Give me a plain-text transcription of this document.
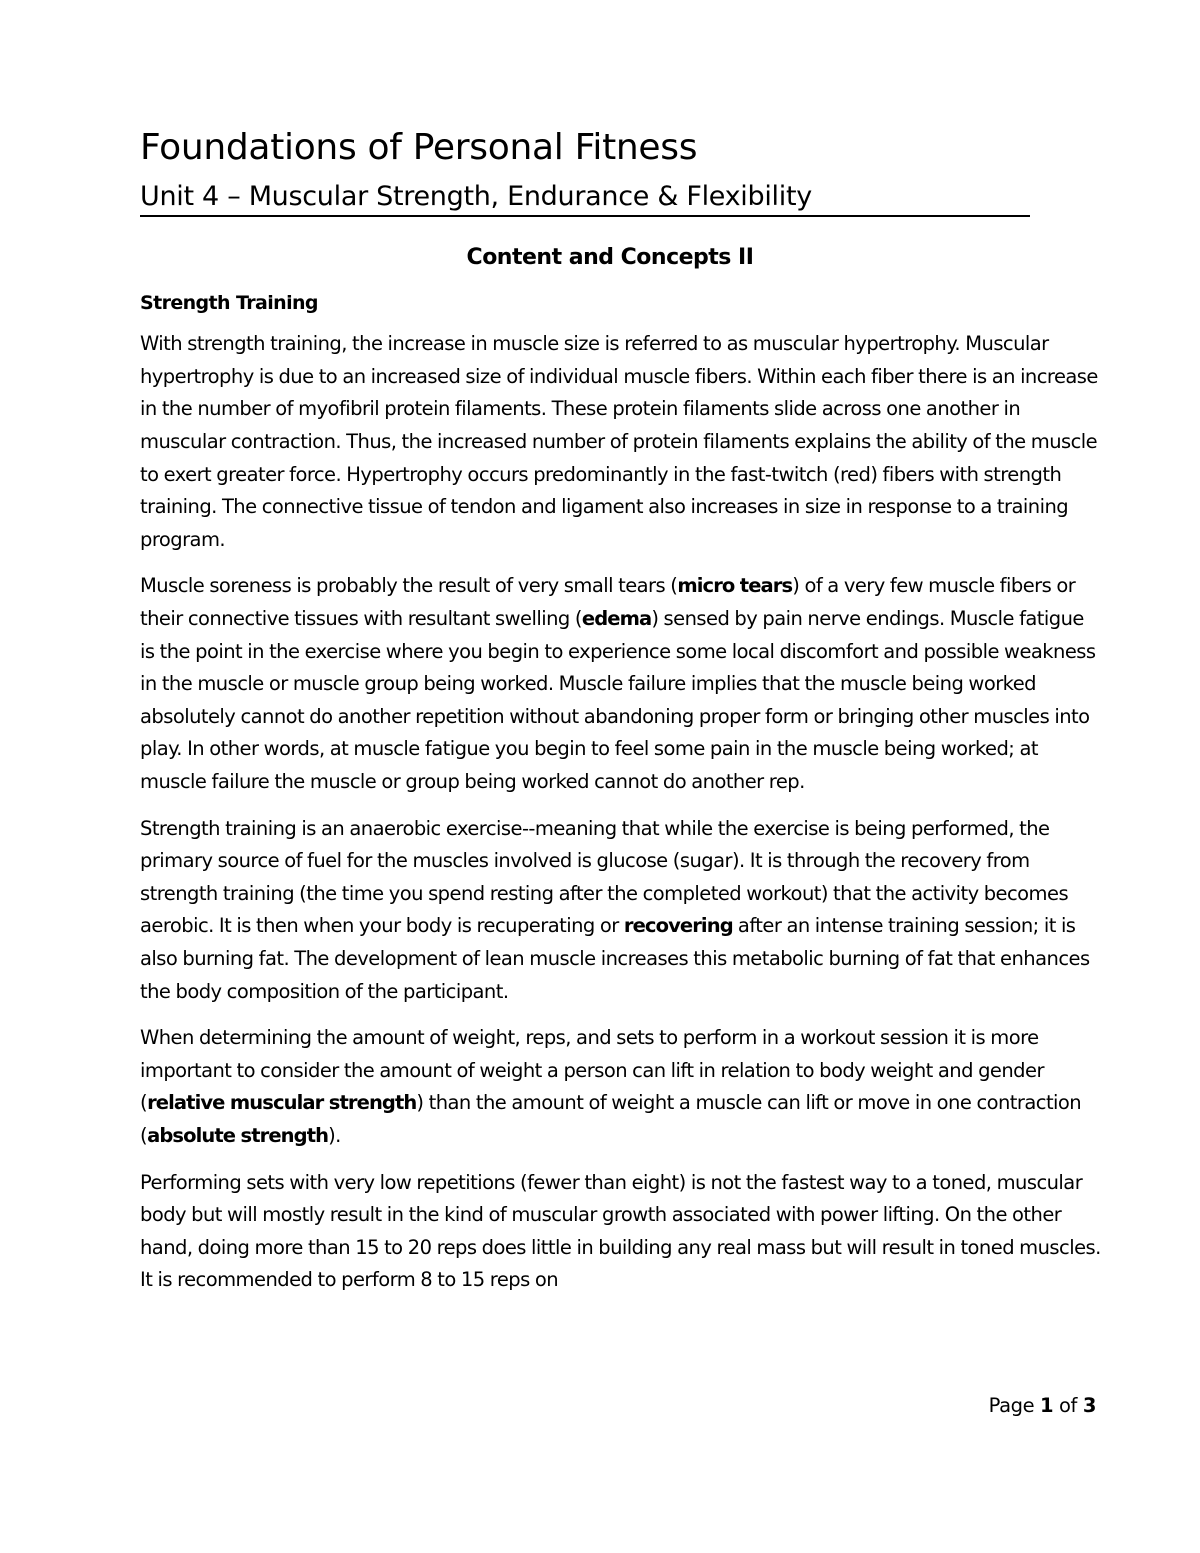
Foundations of Personal Fitness
Unit 4 – Muscular Strength, Endurance & Flexibility
Content and Concepts II
Strength Training

With strength training, the increase in muscle size is referred to as muscular hypertrophy. Muscular hypertrophy is due to an increased size of individual muscle fibers. Within each fiber there is an increase in the number of myofibril protein filaments. These protein filaments slide across one another in muscular contraction. Thus, the increased number of protein filaments explains the ability of the muscle to exert greater force. Hypertrophy occurs predominantly in the fast-twitch (red) fibers with strength training. The connective tissue of tendon and ligament also increases in size in response to a training program.

Muscle soreness is probably the result of very small tears (micro tears) of a very few muscle fibers or their connective tissues with resultant swelling (edema) sensed by pain nerve endings. Muscle fatigue is the point in the exercise where you begin to experience some local discomfort and possible weakness in the muscle or muscle group being worked. Muscle failure implies that the muscle being worked absolutely cannot do another repetition without abandoning proper form or bringing other muscles into play. In other words, at muscle fatigue you begin to feel some pain in the muscle being worked; at muscle failure the muscle or group being worked cannot do another rep.

Strength training is an anaerobic exercise--meaning that while the exercise is being performed, the primary source of fuel for the muscles involved is glucose (sugar). It is through the recovery from strength training (the time you spend resting after the completed workout) that the activity becomes aerobic. It is then when your body is recuperating or recovering after an intense training session; it is also burning fat. The development of lean muscle increases this metabolic burning of fat that enhances the body composition of the participant.

When determining the amount of weight, reps, and sets to perform in a workout session it is more important to consider the amount of weight a person can lift in relation to body weight and gender (relative muscular strength) than the amount of weight a muscle can lift or move in one contraction (absolute strength).

Performing sets with very low repetitions (fewer than eight) is not the fastest way to a toned, muscular body but will mostly result in the kind of muscular growth associated with power lifting. On the other hand, doing more than 15 to 20 reps does little in building any real mass but will result in toned muscles. It is recommended to perform 8 to 15 reps on

Page 1 of 3
